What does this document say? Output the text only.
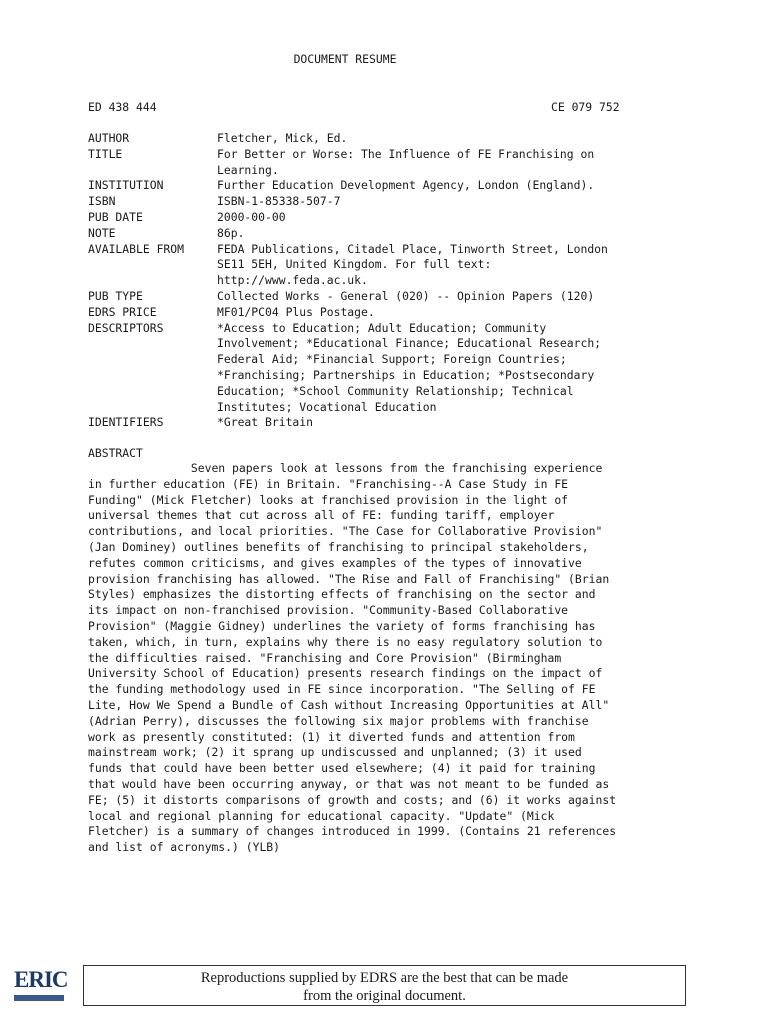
DOCUMENT RESUME
ED 438 444	CE 079 752
AUTHOR	Fletcher, Mick, Ed.
TITLE	For Better or Worse: The Influence of FE Franchising on
Learning.
INSTITUTION	Further Education Development Agency, London (England).
ISBN	ISBN-1-85338-507-7
PUB DATE	2000-00-00
NOTE	86p.
AVAILABLE FROM	FEDA Publications, Citadel Place, Tinworth Street, London
SE11 5EH, United Kingdom. For full text:
http://www.feda.ac.uk.
PUB TYPE	Collected Works - General (020) -- Opinion Papers (120)
EDRS PRICE	MF01/PC04 Plus Postage.
DESCRIPTORS	*Access to Education; Adult Education; Community
Involvement; *Educational Finance; Educational Research;
Federal Aid; *Financial Support; Foreign Countries;
*Franchising; Partnerships in Education; *Postsecondary
Education; *School Community Relationship; Technical
Institutes; Vocational Education
IDENTIFIERS	*Great Britain
ABSTRACT
Seven papers look at lessons from the franchising experience
in further education (FE) in Britain. "Franchising--A Case Study in FE
Funding" (Mick Fletcher) looks at franchised provision in the light of
universal themes that cut across all of FE: funding tariff, employer
contributions, and local priorities. "The Case for Collaborative Provision"
(Jan Dominey) outlines benefits of franchising to principal stakeholders,
refutes common criticisms, and gives examples of the types of innovative
provision franchising has allowed. "The Rise and Fall of Franchising" (Brian
Styles) emphasizes the distorting effects of franchising on the sector and
its impact on non-franchised provision. "Community-Based Collaborative
Provision" (Maggie Gidney) underlines the variety of forms franchising has
taken, which, in turn, explains why there is no easy regulatory solution to
the difficulties raised. "Franchising and Core Provision" (Birmingham
University School of Education) presents research findings on the impact of
the funding methodology used in FE since incorporation. "The Selling of FE
Lite, How We Spend a Bundle of Cash without Increasing Opportunities at All"
(Adrian Perry), discusses the following six major problems with franchise
work as presently constituted: (1) it diverted funds and attention from
mainstream work; (2) it sprang up undiscussed and unplanned; (3) it used
funds that could have been better used elsewhere; (4) it paid for training
that would have been occurring anyway, or that was not meant to be funded as
FE; (5) it distorts comparisons of growth and costs; and (6) it works against
local and regional planning for educational capacity. "Update" (Mick
Fletcher) is a summary of changes introduced in 1999. (Contains 21 references
and list of acronyms.) (YLB)
ERIC	Reproductions supplied by EDRS are the best that can be made
from the original document.
